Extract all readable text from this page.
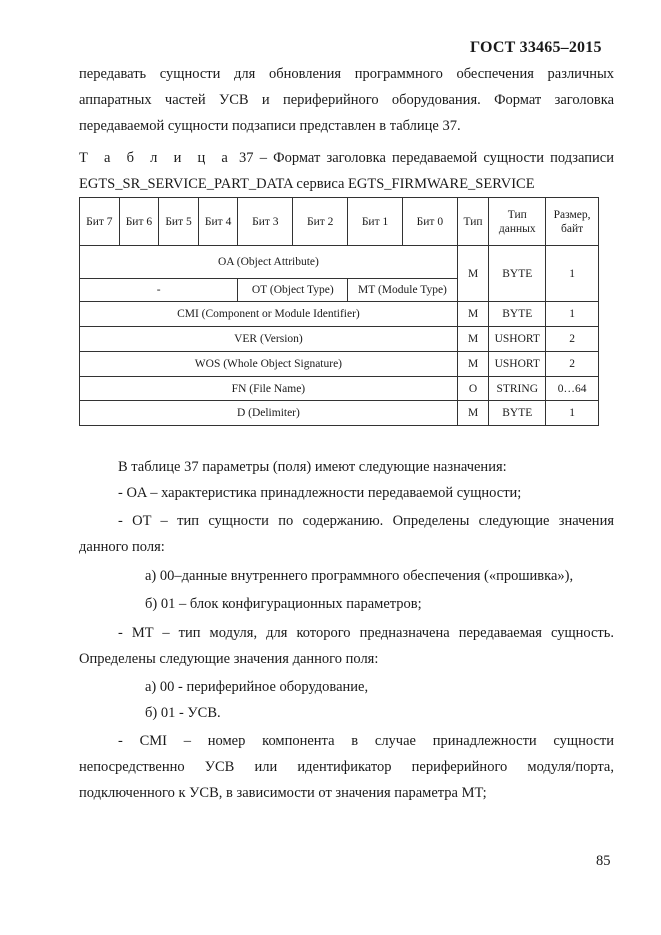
ГОСТ 33465–2015
передавать сущности для обновления программного обеспечения различных аппаратных частей УСВ и периферийного оборудования. Формат заголовка передаваемой сущности подзаписи представлен в таблице 37.
Т а б л и ц а 37 – Формат заголовка передаваемой сущности подзаписи EGTS_SR_SERVICE_PART_DATA сервиса EGTS_FIRMWARE_SERVICE
Бит 7	Бит 6	Бит 5	Бит 4	Бит 3	Бит 2	Бит 1	Бит 0	Тип	Тип данных	Размер, байт
OA (Object Attribute)								M	BYTE	1
-				OT (Object Type)		MT (Module Type)				
CMI (Component or Module Identifier)								M	BYTE	1
VER (Version)								M	USHORT	2
WOS (Whole Object Signature)								M	USHORT	2
FN (File Name)								O	STRING	0…64
D (Delimiter)								M	BYTE	1
В таблице 37 параметры (поля) имеют следующие назначения:
- OA – характеристика принадлежности передаваемой сущности;
- OT – тип сущности по содержанию. Определены следующие значения данного поля:
а) 00–данные внутреннего программного обеспечения («прошивка»),
б) 01 – блок конфигурационных параметров;
- MT – тип модуля, для которого предназначена передаваемая сущность. Определены следующие значения данного поля:
а) 00 - периферийное оборудование,
б) 01 - УСВ.
- CMI – номер компонента в случае принадлежности сущности непосредственно УСВ или идентификатор периферийного модуля/порта, подключенного к УСВ, в зависимости от значения параметра MT;
85
